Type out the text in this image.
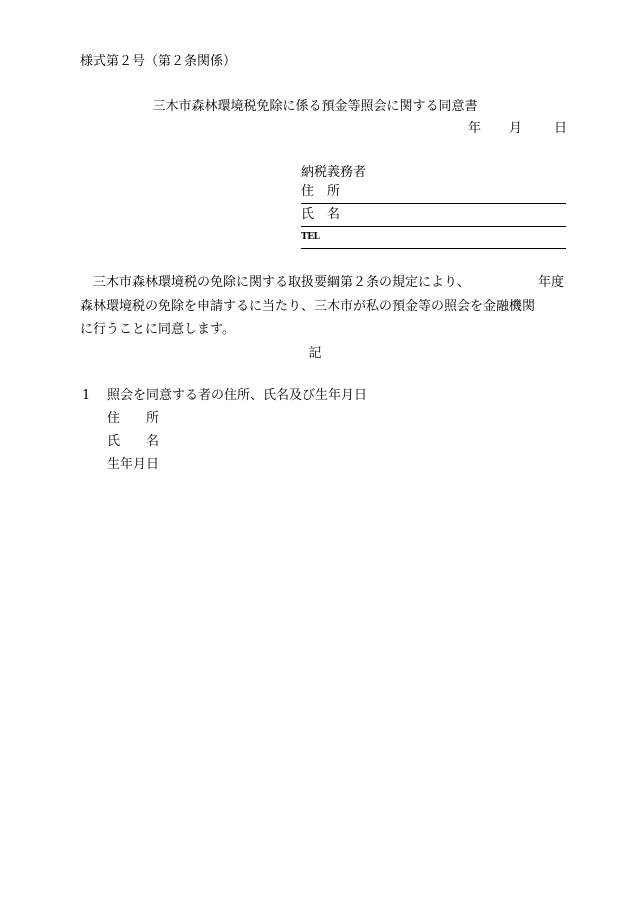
様式第２号（第２条関係）
三木市森林環境税免除に係る預金等照会に関する同意書
年 月 日
納税義務者
住　所
氏　名
TEL
三木市森林環境税の免除に関する取扱要綱第２条の規定により、	年度
森林環境税の免除を申請するに当たり、三木市が私の預金等の照会を金融機関
に行うことに同意します。
記
1 照会を同意する者の住所、氏名及び生年月日
住　　所
氏　　名
生年月日
